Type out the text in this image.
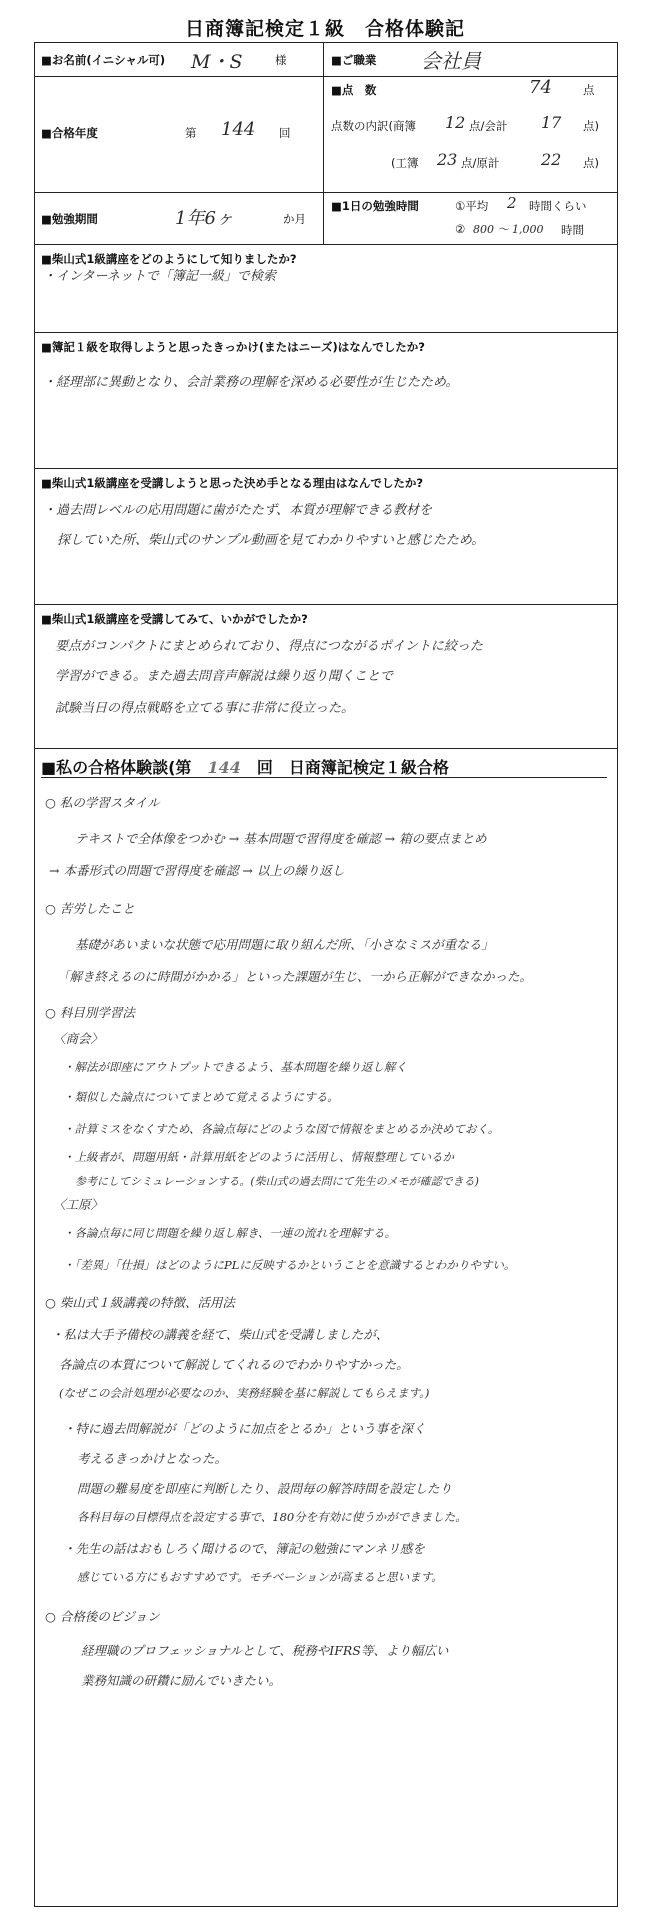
日商簿記検定１級　合格体験記
■お名前(イニシャル可) M・S	様	■ご職業 会社員
■合格年度	第 144 回
■点　数	74	点
点数の内訳(商簿 12 点/会計 17 点)
(工簿 23 点/原計	22 点)
■勉強期間	1年6ヶ	か月
■1日の勉強時間	①平均 2 時間くらい
② 800 〜 1,000 時間
■柴山式1級講座をどのようにして知りましたか?
・インターネットで「簿記一級」で検索
■簿記１級を取得しようと思ったきっかけ(またはニーズ)はなんでしたか?
・経理部に異動となり、会計業務の理解を深める必要性が生じたため。
■柴山式1級講座を受講しようと思った決め手となる理由はなんでしたか?
・過去問レベルの応用問題に歯がたたず、本質が理解できる教材を
探していた所、柴山式のサンプル動画を見てわかりやすいと感じたため。
■柴山式1級講座を受講してみて、いかがでしたか?
要点がコンパクトにまとめられており、得点につながるポイントに絞った
学習ができる。また過去問音声解説は繰り返り聞くことで
試験当日の得点戦略を立てる事に非常に役立った。
■私の合格体験談(第 144 回　日商簿記検定１級合格
○ 私の学習スタイル
テキストで全体像をつかむ → 基本問題で習得度を確認 → 箱の要点まとめ
→ 本番形式の問題で習得度を確認 → 以上の繰り返し
○ 苦労したこと
基礎があいまいな状態で応用問題に取り組んだ所、「小さなミスが重なる」
「解き終えるのに時間がかかる」といった課題が生じ、一から正解ができなかった。
○ 科目別学習法
〈商会〉
・解法が即座にアウトプットできるよう、基本問題を繰り返し解く
・類似した論点についてまとめて覚えるようにする。
・計算ミスをなくすため、各論点毎にどのような図で情報をまとめるか決めておく。
・上級者が、問題用紙・計算用紙をどのように活用し、情報整理しているか
参考にしてシミュレーションする。(柴山式の過去問にて先生のメモが確認できる)
〈工原〉
・各論点毎に同じ問題を繰り返し解き、一連の流れを理解する。
・「差異」「仕損」はどのようにPLに反映するかということを意識するとわかりやすい。
○ 柴山式１級講義の特徴、活用法
・私は大手予備校の講義を経て、柴山式を受講しましたが、
各論点の本質について解説してくれるのでわかりやすかった。
(なぜこの会計処理が必要なのか、実務経験を基に解説してもらえます。)
・特に過去問解説が「どのように加点をとるか」という事を深く
考えるきっかけとなった。
問題の難易度を即座に判断したり、設問毎の解答時間を設定したり
各科目毎の目標得点を設定する事で、180分を有効に使うかができました。
・先生の話はおもしろく聞けるので、簿記の勉強にマンネリ感を
感じている方にもおすすめです。モチベーションが高まると思います。
○ 合格後のビジョン
経理職のプロフェッショナルとして、税務やIFRS等、より幅広い
業務知識の研鑽に励んでいきたい。
